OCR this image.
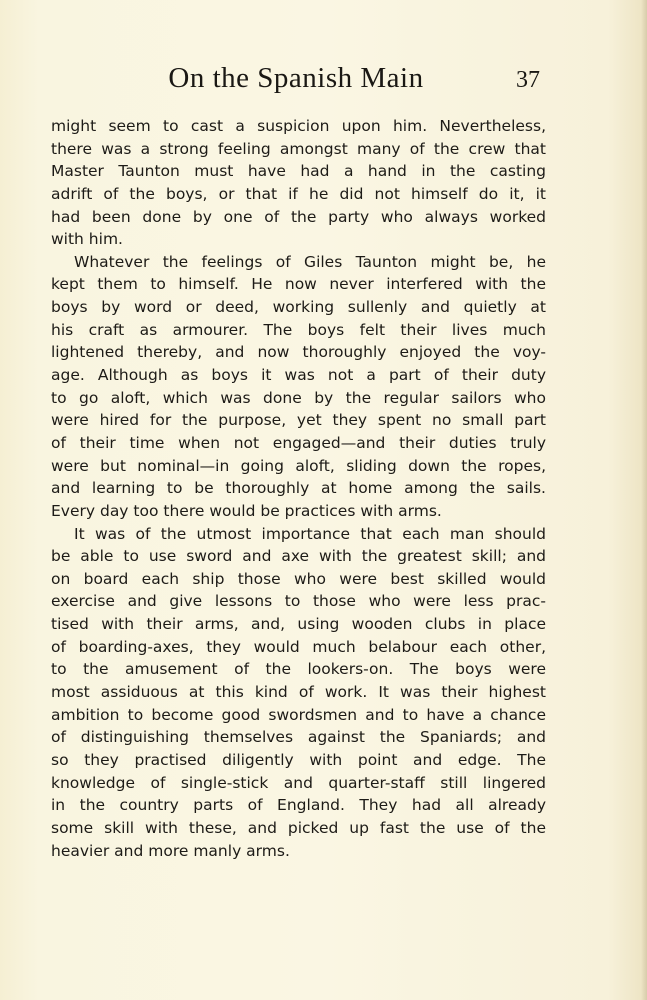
On the Spanish Main	37
might seem to cast a suspicion upon him. Nevertheless,
there was a strong feeling amongst many of the crew that
Master Taunton must have had a hand in the casting
adrift of the boys, or that if he did not himself do it, it
had been done by one of the party who always worked
with him.
Whatever the feelings of Giles Taunton might be, he
kept them to himself. He now never interfered with the
boys by word or deed, working sullenly and quietly at
his craft as armourer. The boys felt their lives much
lightened thereby, and now thoroughly enjoyed the voy-
age. Although as boys it was not a part of their duty
to go aloft, which was done by the regular sailors who
were hired for the purpose, yet they spent no small part
of their time when not engaged—and their duties truly
were but nominal—in going aloft, sliding down the ropes,
and learning to be thoroughly at home among the sails.
Every day too there would be practices with arms.
It was of the utmost importance that each man should
be able to use sword and axe with the greatest skill; and
on board each ship those who were best skilled would
exercise and give lessons to those who were less prac-
tised with their arms, and, using wooden clubs in place
of boarding-axes, they would much belabour each other,
to the amusement of the lookers-on. The boys were
most assiduous at this kind of work. It was their highest
ambition to become good swordsmen and to have a chance
of distinguishing themselves against the Spaniards; and
so they practised diligently with point and edge. The
knowledge of single-stick and quarter-staff still lingered
in the country parts of England. They had all already
some skill with these, and picked up fast the use of the
heavier and more manly arms.
